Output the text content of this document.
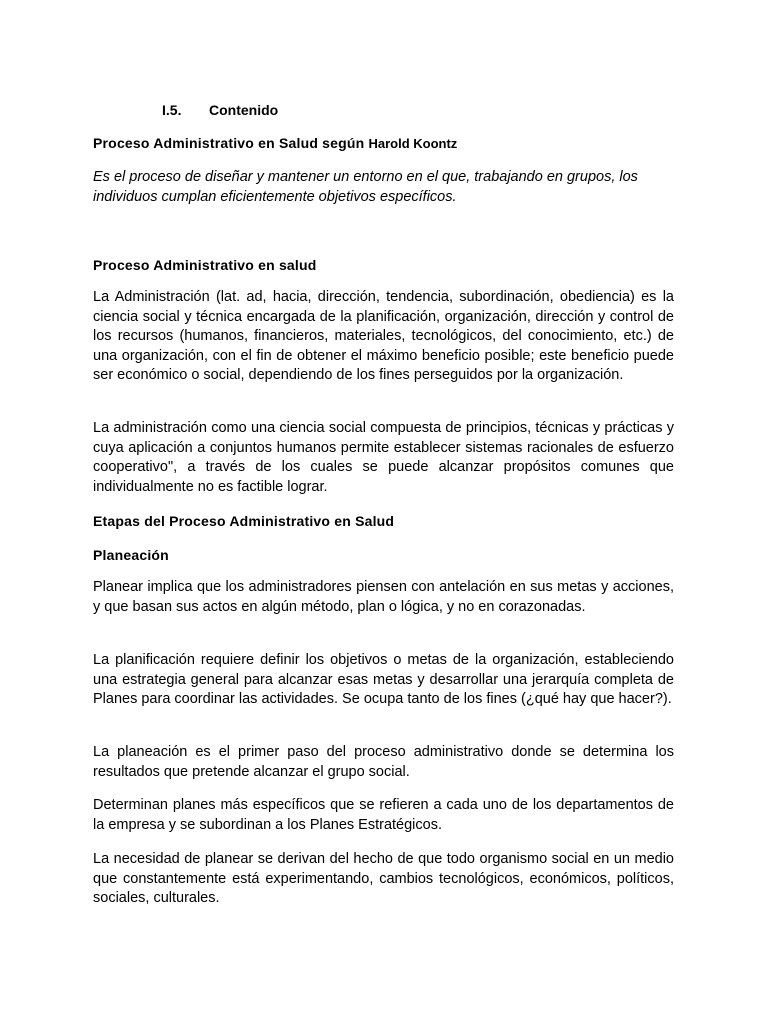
I.5. Contenido

Proceso Administrativo en Salud según Harold Koontz

Es el proceso de diseñar y mantener un entorno en el que, trabajando en grupos, los individuos cumplan eficientemente objetivos específicos.

Proceso Administrativo en salud

La Administración (lat. ad, hacia, dirección, tendencia, subordinación, obediencia) es la ciencia social y técnica encargada de la planificación, organización, dirección y control de los recursos (humanos, financieros, materiales, tecnológicos, del conocimiento, etc.) de una organización, con el fin de obtener el máximo beneficio posible; este beneficio puede ser económico o social, dependiendo de los fines perseguidos por la organización.

La administración como una ciencia social compuesta de principios, técnicas y prácticas y cuya aplicación a conjuntos humanos permite establecer sistemas racionales de esfuerzo cooperativo", a través de los cuales se puede alcanzar propósitos comunes que individualmente no es factible lograr.

Etapas del Proceso Administrativo en Salud

Planeación

Planear implica que los administradores piensen con antelación en sus metas y acciones, y que basan sus actos en algún método, plan o lógica, y no en corazonadas.

La planificación requiere definir los objetivos o metas de la organización, estableciendo una estrategia general para alcanzar esas metas y desarrollar una jerarquía completa de Planes para coordinar las actividades. Se ocupa tanto de los fines (¿qué hay que hacer?).

La planeación es el primer paso del proceso administrativo donde se determina los resultados que pretende alcanzar el grupo social.

Determinan planes más específicos que se refieren a cada uno de los departamentos de la empresa y se subordinan a los Planes Estratégicos.

La necesidad de planear se derivan del hecho de que todo organismo social en un medio que constantemente está experimentando, cambios tecnológicos, económicos, políticos, sociales, culturales.
